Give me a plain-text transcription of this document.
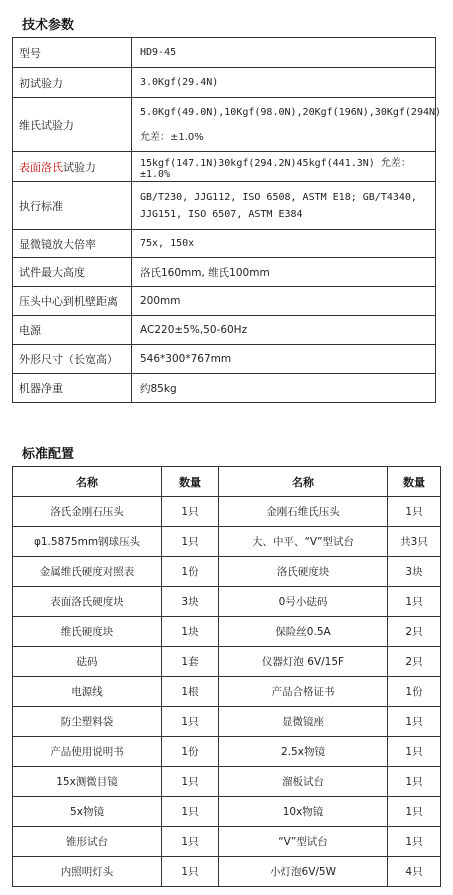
技术参数
型号	HD9-45
初试验力	3.0Kgf(29.4N)
维氏试验力	5.0Kgf(49.0N),10Kgf(98.0N),20Kgf(196N),30Kgf(294N)
允差：±1.0%

表面洛氏试验力	15kgf(147.1N)30kgf(294.2N)45kgf(441.3N) 允差：±1.0%
执行标准	GB/T230, JJG112, ISO 6508, ASTM E18; GB/T4340,
JJG151, ISO 6507, ASTM E384

显微镜放大倍率	75x, 150x
试件最大高度	洛氏160mm, 维氏100mm
压头中心到机壁距离	200mm
电源	AC220±5%,50-60Hz
外形尺寸（长宽高）	546*300*767mm
机器净重	约85kg
标准配置
名称	数量	名称	数量
洛氏金刚石压头	1只	金刚石维氏压头	1只
φ1.5875mm钢球压头	1只	大、中平、“V”型试台	共3只
金属维氏硬度对照表	1份	洛氏硬度块	3块
表面洛氏硬度块	3块	0号小砝码	1只
维氏硬度块	1块	保险丝0.5A	2只
砝码	1套	仪器灯泡 6V/15F	2只
电源线	1根	产品合格证书	1份
防尘塑料袋	1只	显微镜座	1只
产品使用说明书	1份	2.5x物镜	1只
15x测微目镜	1只	溜板试台	1只
5x物镜	1只	10x物镜	1只
锥形试台	1只	“V”型试台	1只
内照明灯头	1只	小灯泡6V/5W	4只
